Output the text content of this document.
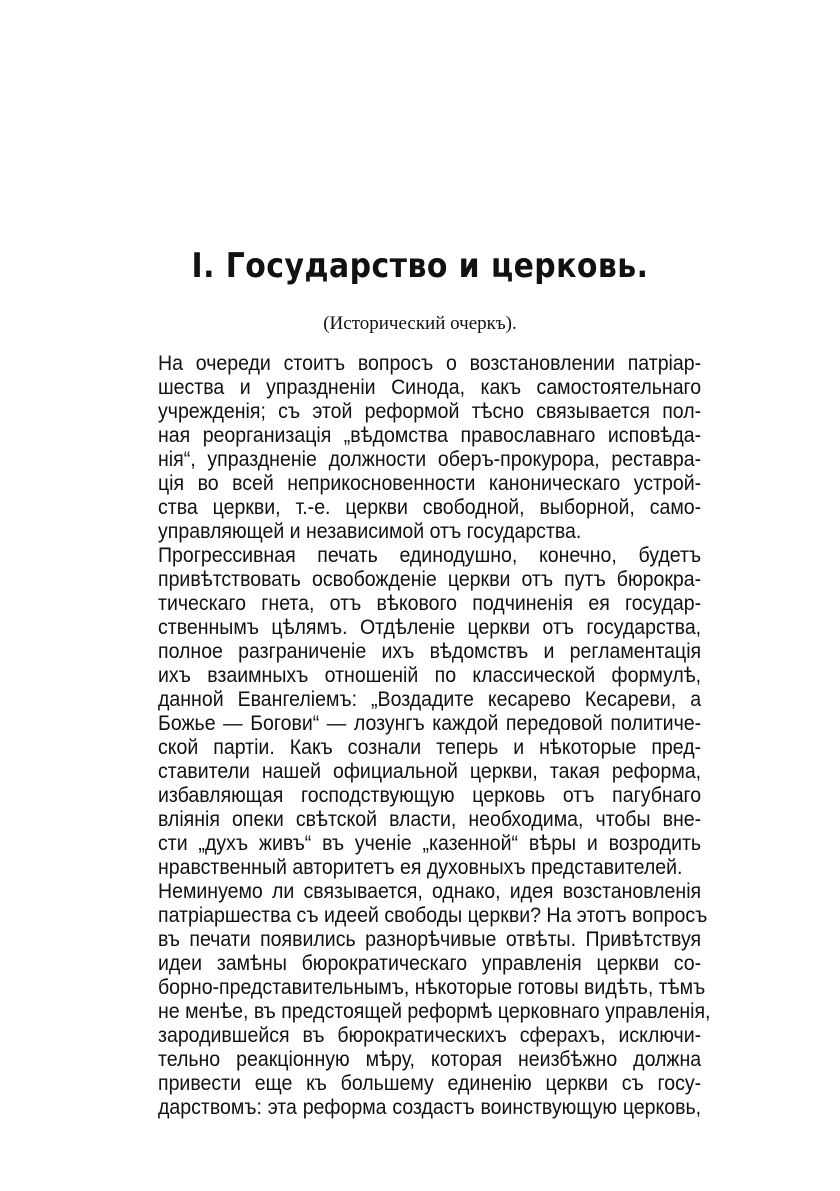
I. Государство и церковь.

(Исторический очеркъ).

На очереди стоитъ вопросъ о возстановлении патріар-
шества и упраздненіи Синода, какъ самостоятельнаго
учрежденія; съ этой реформой тѣсно связывается пол-
ная реорганизація „вѣдомства православнаго исповѣда-
нія“, упраздненіе должности оберъ-прокурора, реставра-
ція во всей неприкосновенности каноническаго устрой-
ства церкви, т.-е. церкви свободной, выборной, само-
управляющей и независимой отъ государства.
Прогрессивная печать единодушно, конечно, будетъ
привѣтствовать освобожденіе церкви отъ путъ бюрокра-
тическаго гнета, отъ вѣкового подчиненія ея государ-
ственнымъ цѣлямъ. Отдѣленіе церкви отъ государства,
полное разграниченіе ихъ вѣдомствъ и регламентація
ихъ взаимныхъ отношеній по классической формулѣ,
данной Евангеліемъ: „Воздадите кесарево Кесареви, а
Божье — Богови“ — лозунгъ каждой передовой политиче-
ской партіи. Какъ сознали теперь и нѣкоторые пред-
ставители нашей официальной церкви, такая реформа,
избавляющая господствующую церковь отъ пагубнаго
вліянія опеки свѣтской власти, необходима, чтобы внe-
сти „духъ живъ“ въ ученіе „казенной“ вѣры и возродить
нравственный авторитетъ ея духовныхъ представителей.
Неминуемо ли связывается, однако, идея возстановленія
патріаршества съ идеей свободы церкви? На этотъ вопросъ
въ печати появились разнорѣчивые отвѣты. Привѣтствуя
идеи замѣны бюрократическаго управленія церкви со-
борно-представительнымъ, нѣкоторые готовы видѣть, тѣмъ
не менѣе, въ предстоящей реформѣ церковнаго управленія,
зародившейся въ бюрократическихъ сферахъ, исключи-
тельно реакціонную мѣру, которая неизбѣжно должна
привести еще къ большему единенію церкви съ госу-
дарствомъ: эта реформа создастъ воинствующую церковь,
